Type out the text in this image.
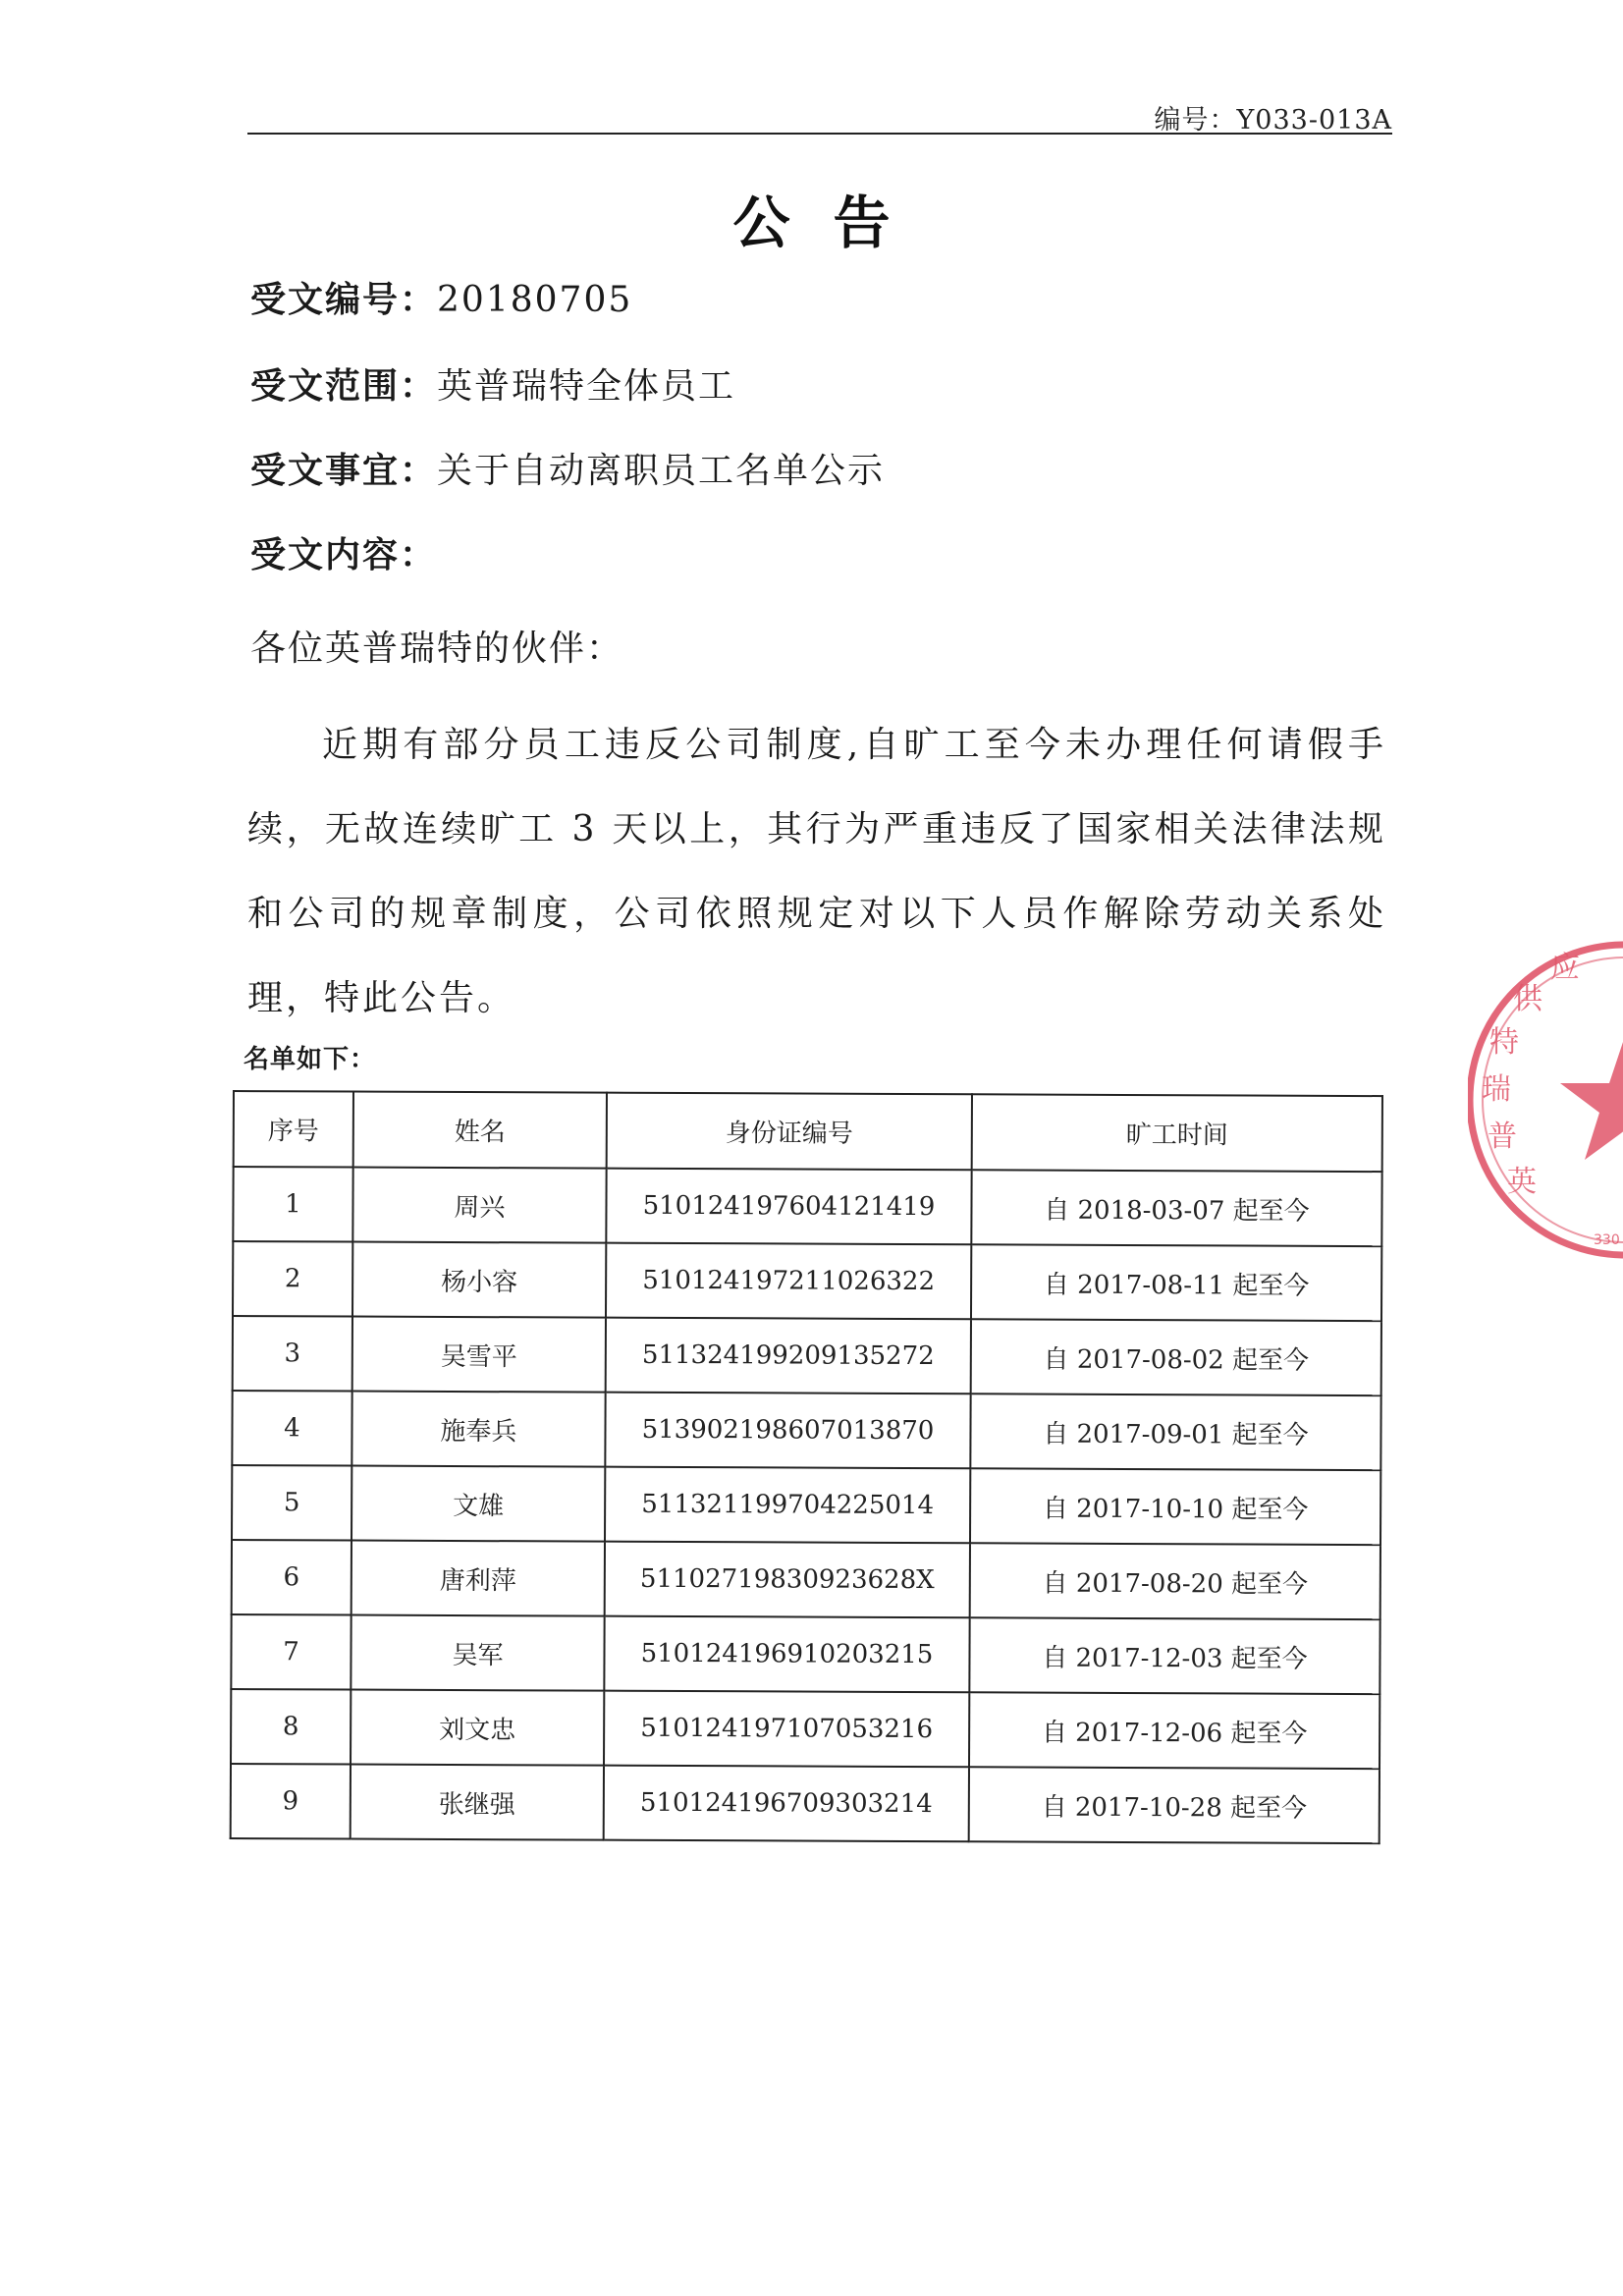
编号：Y033-013A
公告
受文编号：20180705
受文范围：英普瑞特全体员工
受文事宜：关于自动离职员工名单公示
受文内容：
各位英普瑞特的伙伴：
近期有部分员工违反公司制度,自旷工至今未办理任何请假手续，无故连续旷工 3 天以上，其行为严重违反了国家相关法律法规和公司的规章制度，公司依照规定对以下人员作解除劳动关系处理，特此公告。
名单如下：
序号	姓名	身份证编号	旷工时间
1	周兴	510124197604121419	自 2018-03-07 起至今
2	杨小容	510124197211026322	自 2017-08-11 起至今
3	吴雪平	511324199209135272	自 2017-08-02 起至今
4	施奉兵	513902198607013870	自 2017-09-01 起至今
5	文雄	511321199704225014	自 2017-10-10 起至今
6	唐利萍	51102719830923628X	自 2017-08-20 起至今
7	吴军	510124196910203215	自 2017-12-03 起至今
8	刘文忠	510124197107053216	自 2017-12-06 起至今
9	张继强	510124196709303214	自 2017-10-28 起至今
英 普 瑞 特 供 应
330
